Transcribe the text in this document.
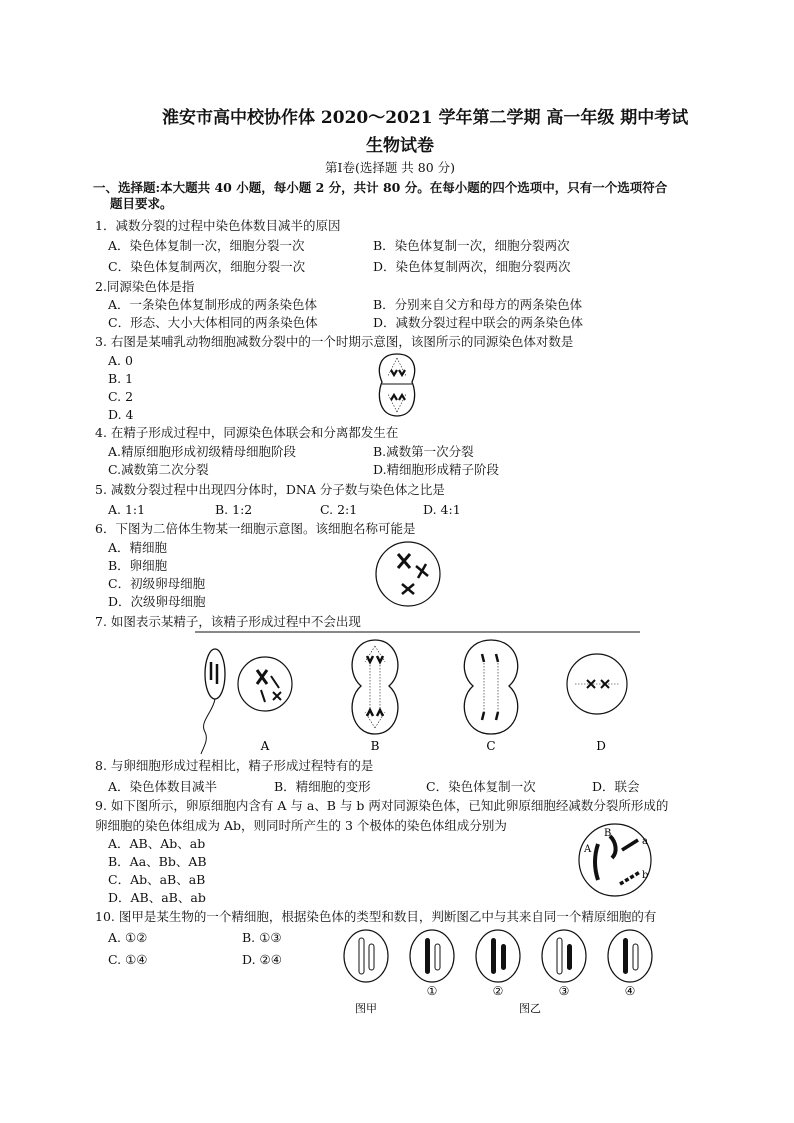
淮安市高中校协作体 2020～2021 学年第二学期 高一年级 期中考试
生物试卷
第Ⅰ卷(选择题 共 80 分)
一、选择题:本大题共 40 小题，每小题 2 分，共计 80 分。在每小题的四个选项中，只有一个选项符合
题目要求。
1．减数分裂的过程中染色体数目减半的原因
A．染色体复制一次，细胞分裂一次	B．染色体复制一次，细胞分裂两次
C．染色体复制两次，细胞分裂一次	D．染色体复制两次，细胞分裂两次
2.同源染色体是指
A．一条染色体复制形成的两条染色体	B．分别来自父方和母方的两条染色体
C．形态、大小大体相同的两条染色体	D．减数分裂过程中联会的两条染色体
3. 右图是某哺乳动物细胞减数分裂中的一个时期示意图，该图所示的同源染色体对数是
A. 0
B. 1
C. 2
D. 4
4. 在精子形成过程中，同源染色体联会和分离都发生在
A.精原细胞形成初级精母细胞阶段	B.减数第一次分裂
C.减数第二次分裂	D.精细胞形成精子阶段
5. 减数分裂过程中出现四分体时，DNA 分子数与染色体之比是
A. 1:1	B. 1:2	C. 2:1	D. 4:1
6．下图为二倍体生物某一细胞示意图。该细胞名称可能是
A．精细胞
B．卵细胞
C．初级卵母细胞
D．次级卵母细胞
7. 如图表示某精子，该精子形成过程中不会出现
A	B	C	D
8. 与卵细胞形成过程相比，精子形成过程特有的是
A．染色体数目减半	B．精细胞的变形	C．染色体复制一次	D．联会
9. 如下图所示，卵原细胞内含有 A 与 a、B 与 b 两对同源染色体，已知此卵原细胞经减数分裂所形成的
卵细胞的染色体组成为 Ab，则同时所产生的 3 个极体的染色体组成分别为
A．AB、Ab、ab
B．Aa、Bb、AB
C．Ab、aB、aB
D．AB、aB、ab
A
B
a
b
10. 图甲是某生物的一个精细胞，根据染色体的类型和数目，判断图乙中与其来自同一个精原细胞的有
A. ①②	B. ①③
C. ①④	D. ②④
①	②	③	④
图甲	图乙
